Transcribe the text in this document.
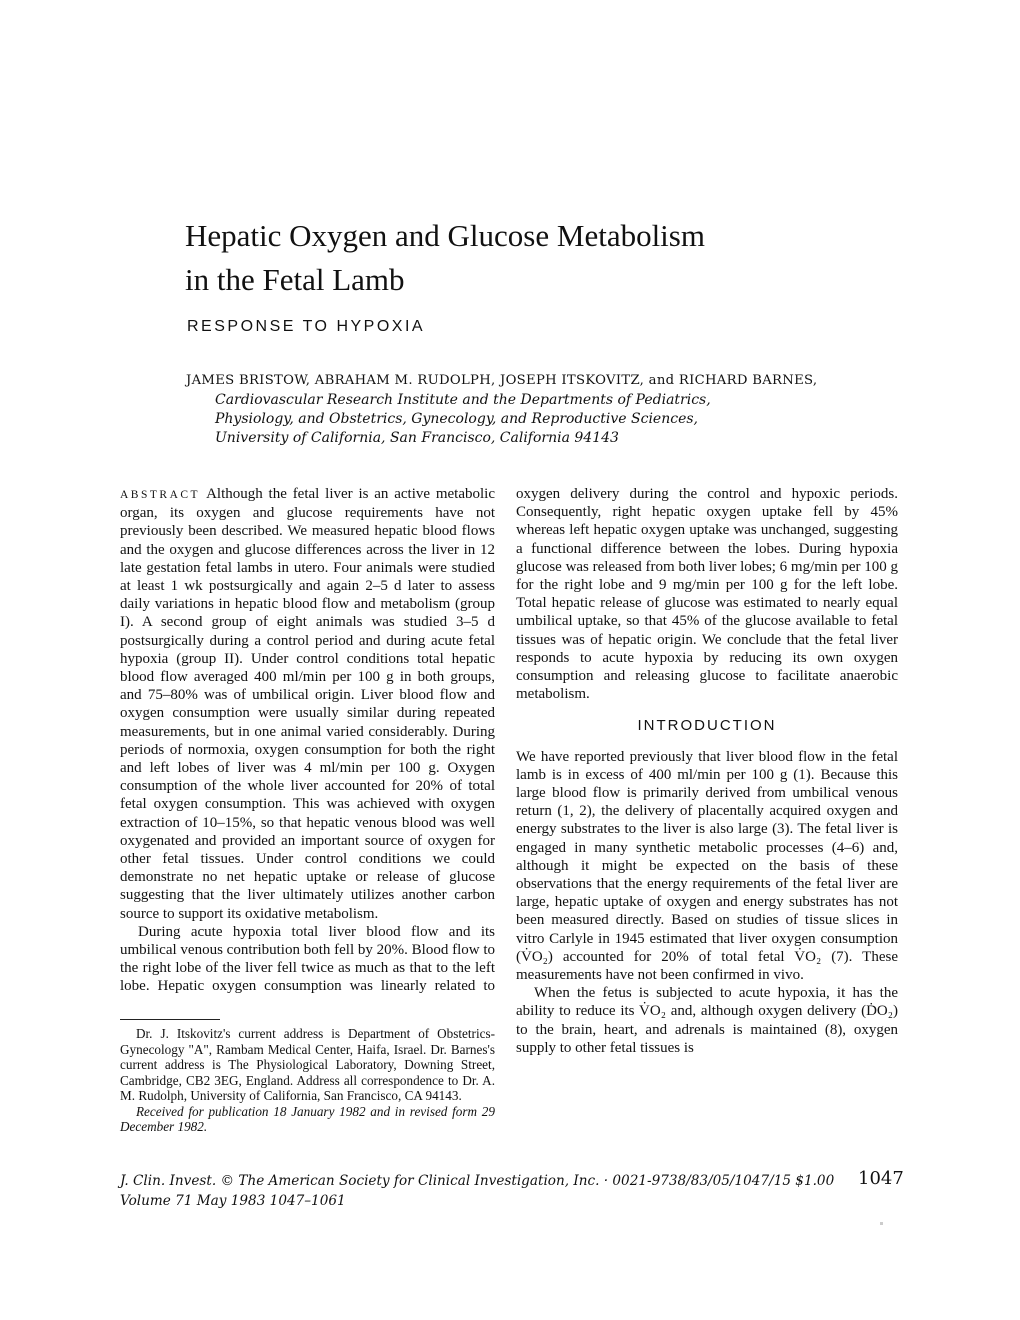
Hepatic Oxygen and Glucose Metabolism
in the Fetal Lamb
RESPONSE TO HYPOXIA
JAMES BRISTOW, ABRAHAM M. RUDOLPH, JOSEPH ITSKOVITZ, and RICHARD BARNES,
Cardiovascular Research Institute and the Departments of Pediatrics,
Physiology, and Obstetrics, Gynecology, and Reproductive Sciences,
University of California, San Francisco, California 94143

ABSTRACT Although the fetal liver is an active metabolic organ, its oxygen and glucose requirements have not previously been described. We measured hepatic blood flows and the oxygen and glucose differences across the liver in 12 late gestation fetal lambs in utero. Four animals were studied at least 1 wk postsurgically and again 2–5 d later to assess daily variations in hepatic blood flow and metabolism (group I). A second group of eight animals was studied 3–5 d postsurgically during a control period and during acute fetal hypoxia (group II). Under control conditions total hepatic blood flow averaged 400 ml/min per 100 g in both groups, and 75–80% was of umbilical origin. Liver blood flow and oxygen consumption were usually similar during repeated measurements, but in one animal varied considerably. During periods of normoxia, oxygen consumption for both the right and left lobes of liver was 4 ml/min per 100 g. Oxygen consumption of the whole liver accounted for 20% of total fetal oxygen consumption. This was achieved with oxygen extraction of 10–15%, so that hepatic venous blood was well oxygenated and provided an important source of oxygen for other fetal tissues. Under control conditions we could demonstrate no net hepatic uptake or release of glucose suggesting that the liver ultimately utilizes another carbon source to support its oxidative metabolism.

During acute hypoxia total liver blood flow and its umbilical venous contribution both fell by 20%. Blood flow to the right lobe of the liver fell twice as much as that to the left lobe. Hepatic oxygen consumption was linearly related to

Dr. J. Itskovitz's current address is Department of Obstetrics-Gynecology "A", Rambam Medical Center, Haifa, Israel. Dr. Barnes's current address is The Physiological Laboratory, Downing Street, Cambridge, CB2 3EG, England. Address all correspondence to Dr. A. M. Rudolph, University of California, San Francisco, CA 94143.

Received for publication 18 January 1982 and in revised form 29 December 1982.

oxygen delivery during the control and hypoxic periods. Consequently, right hepatic oxygen uptake fell by 45% whereas left hepatic oxygen uptake was unchanged, suggesting a functional difference between the lobes. During hypoxia glucose was released from both liver lobes; 6 mg/min per 100 g for the right lobe and 9 mg/min per 100 g for the left lobe. Total hepatic release of glucose was estimated to nearly equal umbilical uptake, so that 45% of the glucose available to fetal tissues was of hepatic origin. We conclude that the fetal liver responds to acute hypoxia by reducing its own oxygen consumption and releasing glucose to facilitate anaerobic metabolism.

INTRODUCTION

We have reported previously that liver blood flow in the fetal lamb is in excess of 400 ml/min per 100 g (1). Because this large blood flow is primarily derived from umbilical venous return (1, 2), the delivery of placentally acquired oxygen and energy substrates to the liver is also large (3). The fetal liver is engaged in many synthetic metabolic processes (4–6) and, although it might be expected on the basis of these observations that the energy requirements of the fetal liver are large, hepatic uptake of oxygen and energy substrates has not been measured directly. Based on studies of tissue slices in vitro Carlyle in 1945 estimated that liver oxygen consumption (V̇O₂) accounted for 20% of total fetal V̇O₂ (7). These measurements have not been confirmed in vivo.

When the fetus is subjected to acute hypoxia, it has the ability to reduce its V̇O₂ and, although oxygen delivery (ḊO₂) to the brain, heart, and adrenals is maintained (8), oxygen supply to other fetal tissues is

J. Clin. Invest. © The American Society for Clinical Investigation, Inc. · 0021-9738/83/05/1047/15 $1.00
Volume 71 May 1983 1047–1061
1047
